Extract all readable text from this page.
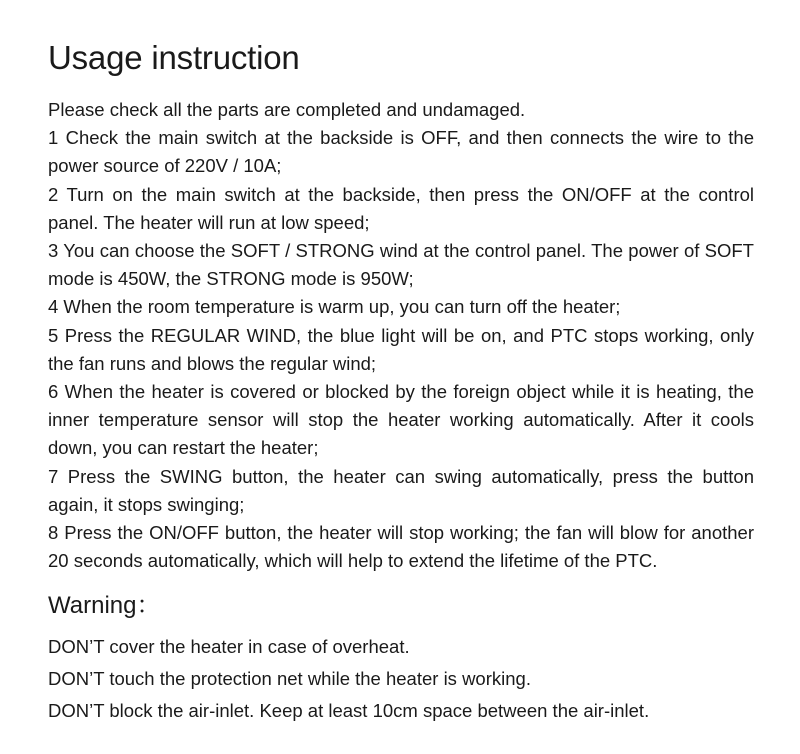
Usage instruction

Please check all the parts are completed and undamaged.

1 Check the main switch at the backside is OFF, and then connects the wire to the power source of 220V / 10A;

2 Turn on the main switch at the backside, then press the ON/OFF at the control panel. The heater will run at low speed;

3 You can choose the SOFT / STRONG wind at the control panel. The power of SOFT mode is 450W, the STRONG mode is 950W;

4 When the room temperature is warm up, you can turn off the heater;

5 Press the REGULAR WIND, the blue light will be on, and PTC stops working, only the fan runs and blows the regular wind;

6 When the heater is covered or blocked by the foreign object while it is heating, the inner temperature sensor will stop the heater working automatically. After it cools down, you can restart the heater;

7 Press the SWING button, the heater can swing automatically, press the button again, it stops swinging;

8 Press the ON/OFF button, the heater will stop working; the fan will blow for another 20 seconds automatically, which will help to extend the lifetime of the PTC.

Warning：

DON’T cover the heater in case of overheat.

DON’T touch the protection net while the heater is working.

DON’T block the air-inlet. Keep at least 10cm space between the air-inlet.
